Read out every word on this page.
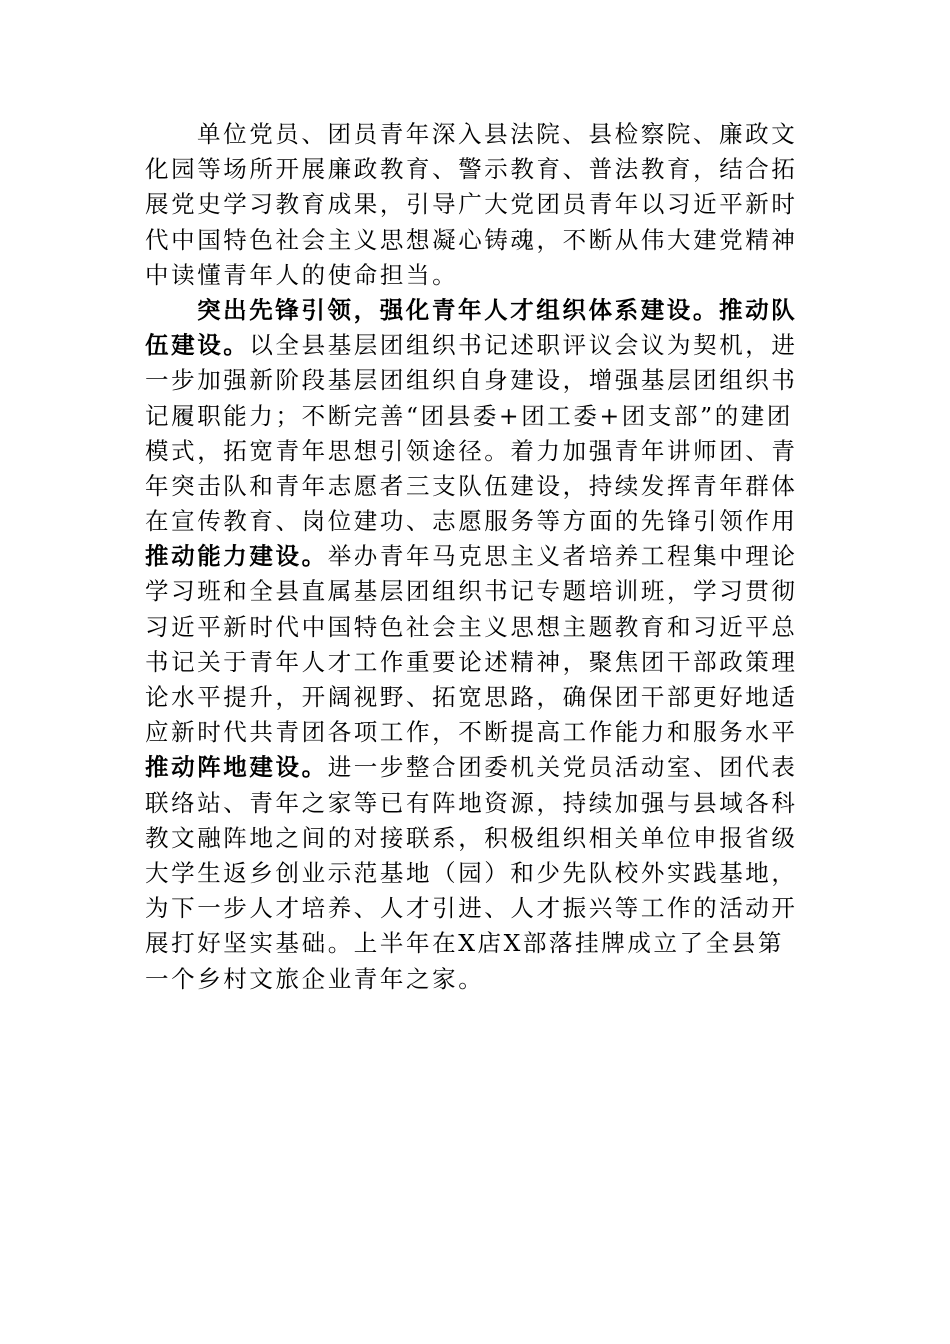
单位党员、团员青年深入县法院、县检察院、廉政文
化园等场所开展廉政教育、警示教育、普法教育，结合拓
展党史学习教育成果，引导广大党团员青年以习近平新时
代中国特色社会主义思想凝心铸魂，不断从伟大建党精神
中读懂青年人的使命担当。
突出先锋引领，强化青年人才组织体系建设。推动队
伍建设。以全县基层团组织书记述职评议会议为契机，进
一步加强新阶段基层团组织自身建设，增强基层团组织书
记履职能力；不断完善“团县委+团工委+团支部”的建团
模式，拓宽青年思想引领途径。着力加强青年讲师团、青
年突击队和青年志愿者三支队伍建设，持续发挥青年群体
在宣传教育、岗位建功、志愿服务等方面的先锋引领作用
推动能力建设。举办青年马克思主义者培养工程集中理论
学习班和全县直属基层团组织书记专题培训班，学习贯彻
习近平新时代中国特色社会主义思想主题教育和习近平总
书记关于青年人才工作重要论述精神，聚焦团干部政策理
论水平提升，开阔视野、拓宽思路，确保团干部更好地适
应新时代共青团各项工作，不断提高工作能力和服务水平
推动阵地建设。进一步整合团委机关党员活动室、团代表
联络站、青年之家等已有阵地资源，持续加强与县域各科
教文融阵地之间的对接联系，积极组织相关单位申报省级
大学生返乡创业示范基地（园）和少先队校外实践基地，
为下一步人才培养、人才引进、人才振兴等工作的活动开
展打好坚实基础。上半年在X店X部落挂牌成立了全县第
一个乡村文旅企业青年之家。
